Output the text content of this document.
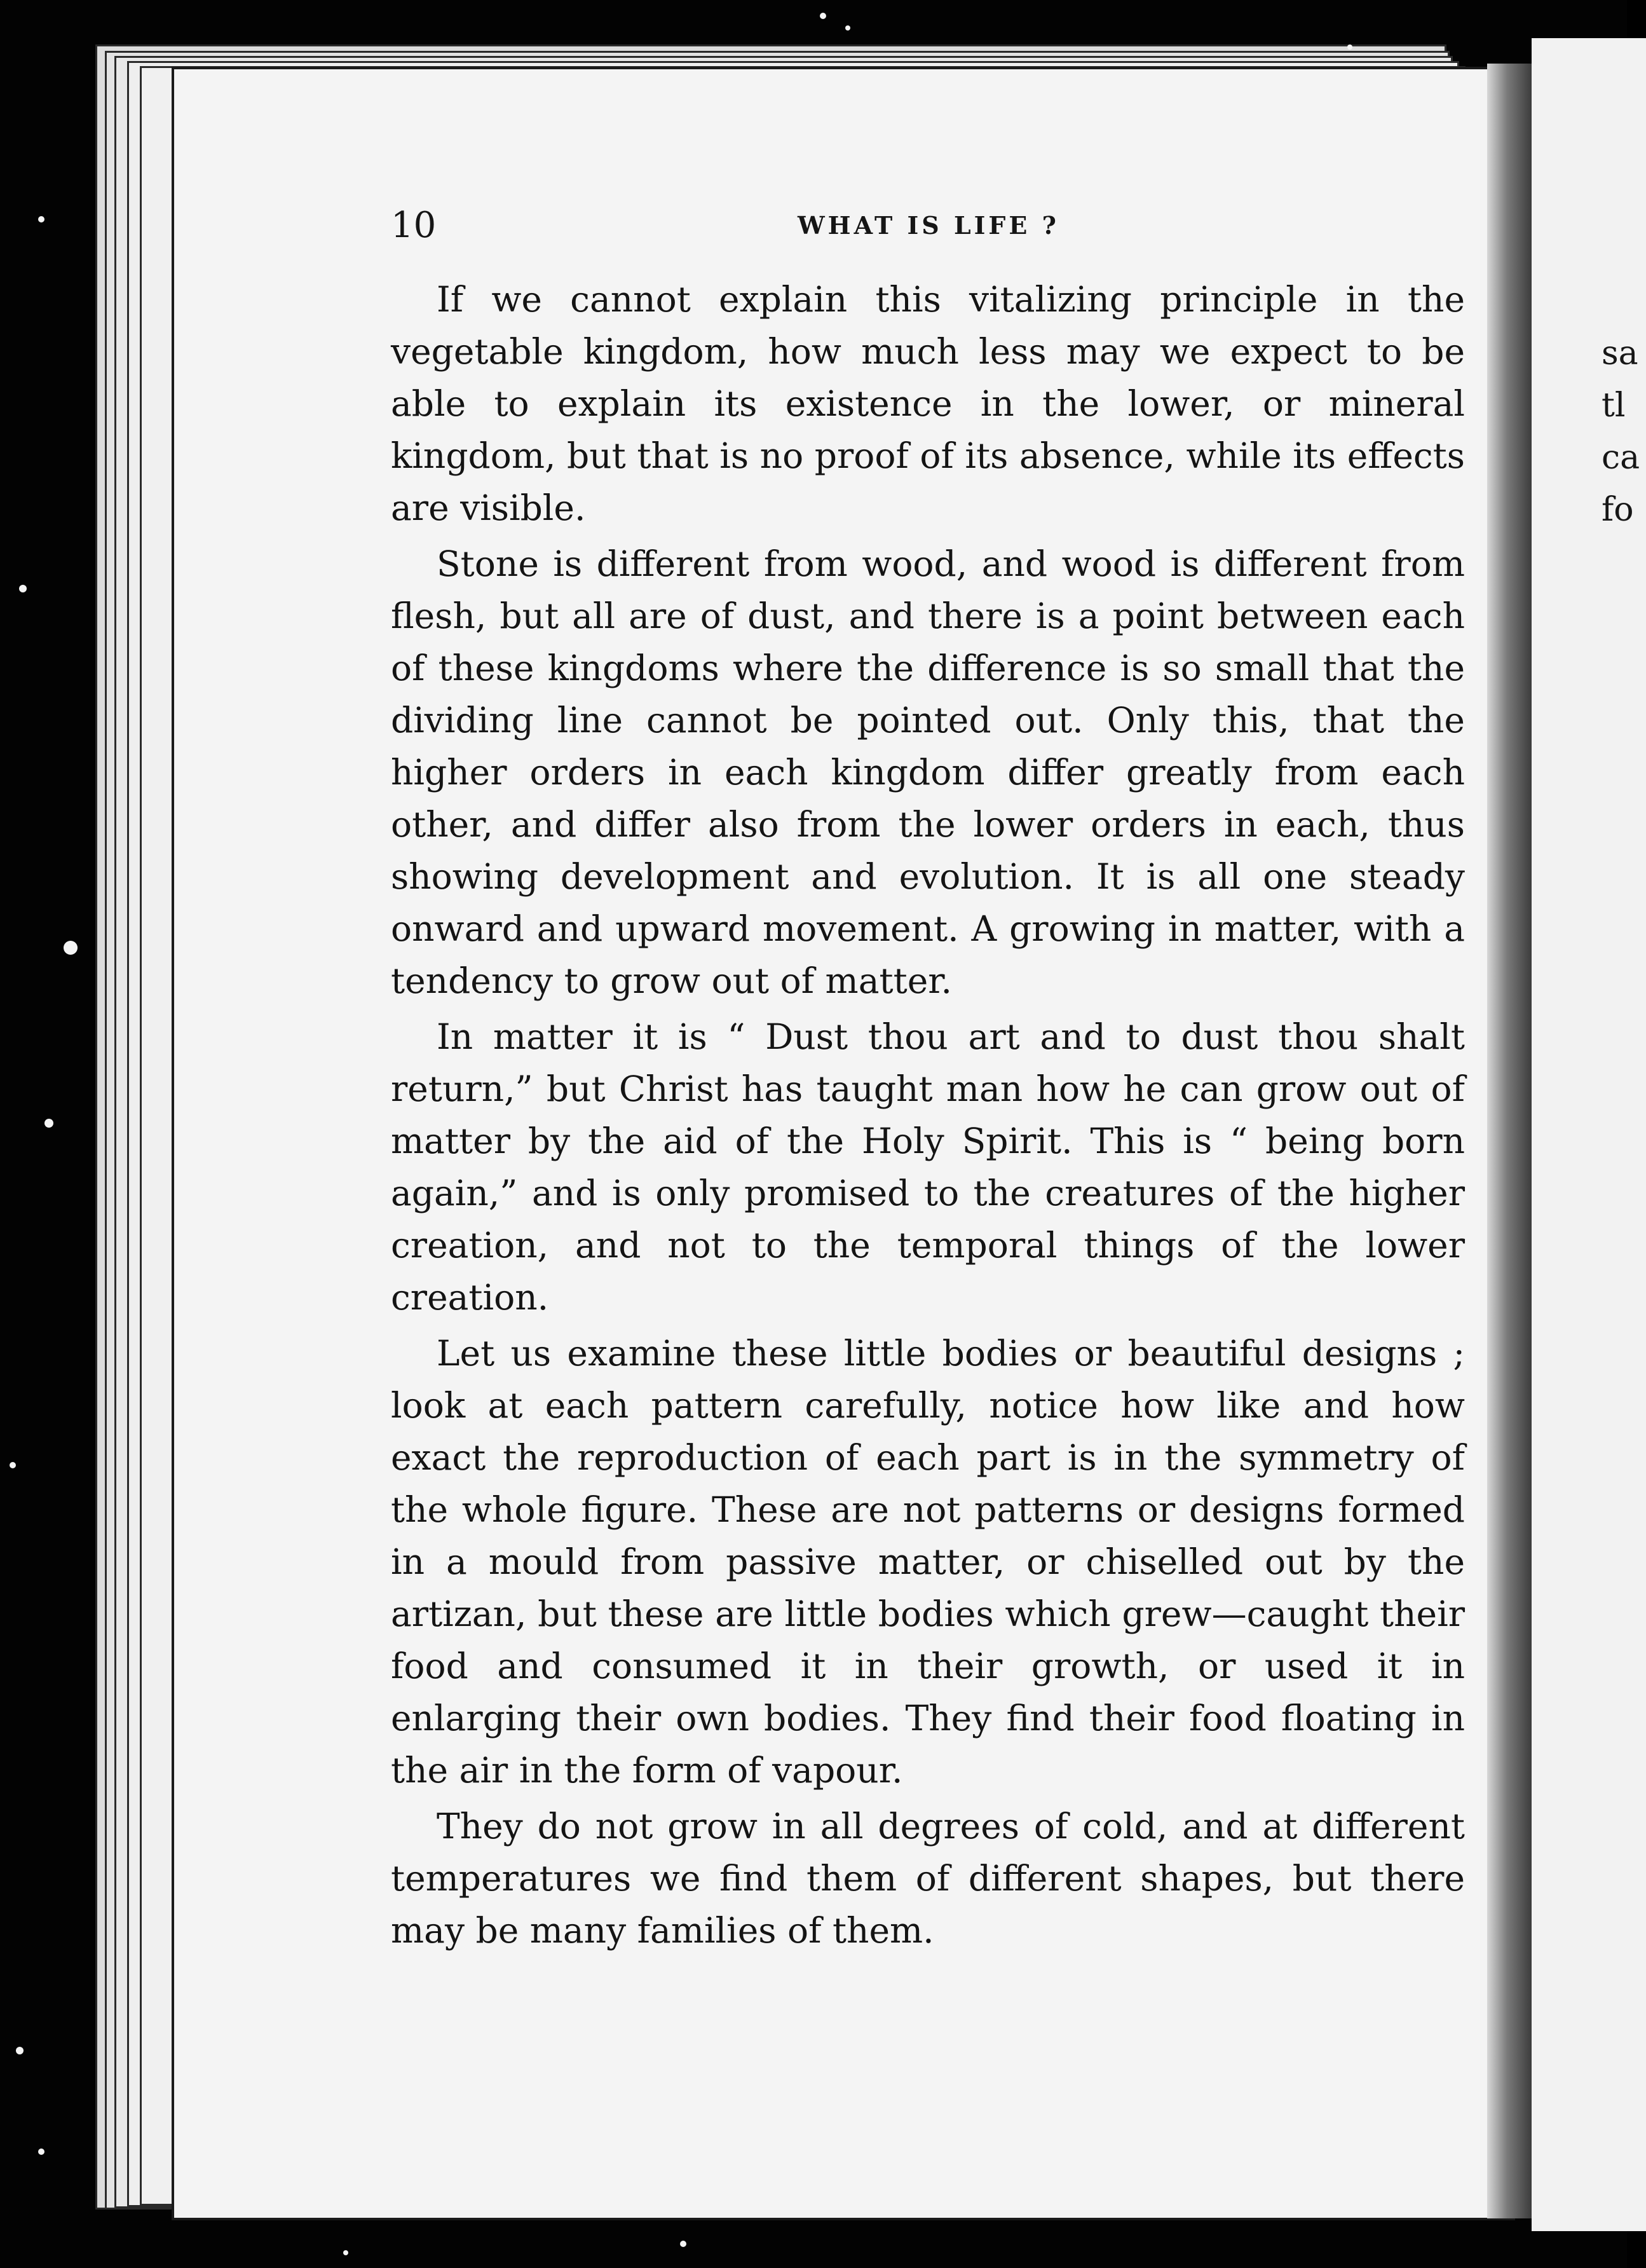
sa
tl
ca
fo
10	WHAT IS LIFE ?

If we cannot explain this vitalizing principle in the vegetable kingdom, how much less may we expect to be able to explain its existence in the lower, or mineral kingdom, but that is no proof of its absence, while its effects are visible.

Stone is different from wood, and wood is different from flesh, but all are of dust, and there is a point between each of these kingdoms where the difference is so small that the dividing line cannot be pointed out. Only this, that the higher orders in each kingdom differ greatly from each other, and differ also from the lower orders in each, thus showing development and evolution. It is all one steady onward and upward movement. A growing in matter, with a tendency to grow out of matter.

In matter it is “ Dust thou art and to dust thou shalt return,” but Christ has taught man how he can grow out of matter by the aid of the Holy Spirit. This is “ being born again,” and is only promised to the creatures of the higher creation, and not to the temporal things of the lower creation.

Let us examine these little bodies or beautiful designs ; look at each pattern carefully, notice how like and how exact the reproduction of each part is in the symmetry of the whole figure. These are not patterns or designs formed in a mould from passive matter, or chiselled out by the artizan, but these are little bodies which grew—caught their food and consumed it in their growth, or used it in enlarging their own bodies. They find their food floating in the air in the form of vapour.

They do not grow in all degrees of cold, and at different temperatures we find them of different shapes, but there may be many families of them.
